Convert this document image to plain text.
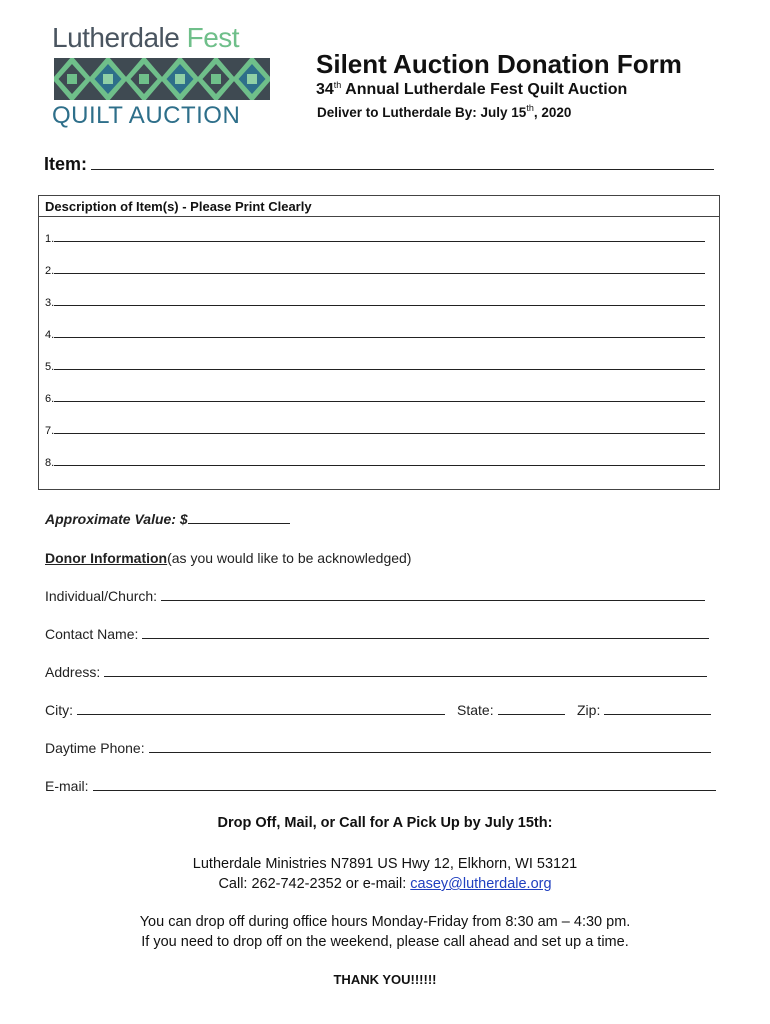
Lutherdale Fest
QUILT AUCTION
Silent Auction Donation Form
34th Annual Lutherdale Fest Quilt Auction
Deliver to Lutherdale By: July 15th, 2020
Item:
Description of Item(s) - Please Print Clearly
1.
2.
3.
4.
5.
6.
7.
8.
Approximate Value: $
Donor Information (as you would like to be acknowledged)
Individual/Church:
Contact Name:
Address:
City:	State:	Zip:
Daytime Phone:
E-mail:
Drop Off, Mail, or Call for A Pick Up by July 15th:
Lutherdale Ministries N7891 US Hwy 12, Elkhorn, WI 53121
Call: 262-742-2352 or e-mail: casey@lutherdale.org
You can drop off during office hours Monday-Friday from 8:30 am – 4:30 pm.
If you need to drop off on the weekend, please call ahead and set up a time.
THANK YOU!!!!!!
